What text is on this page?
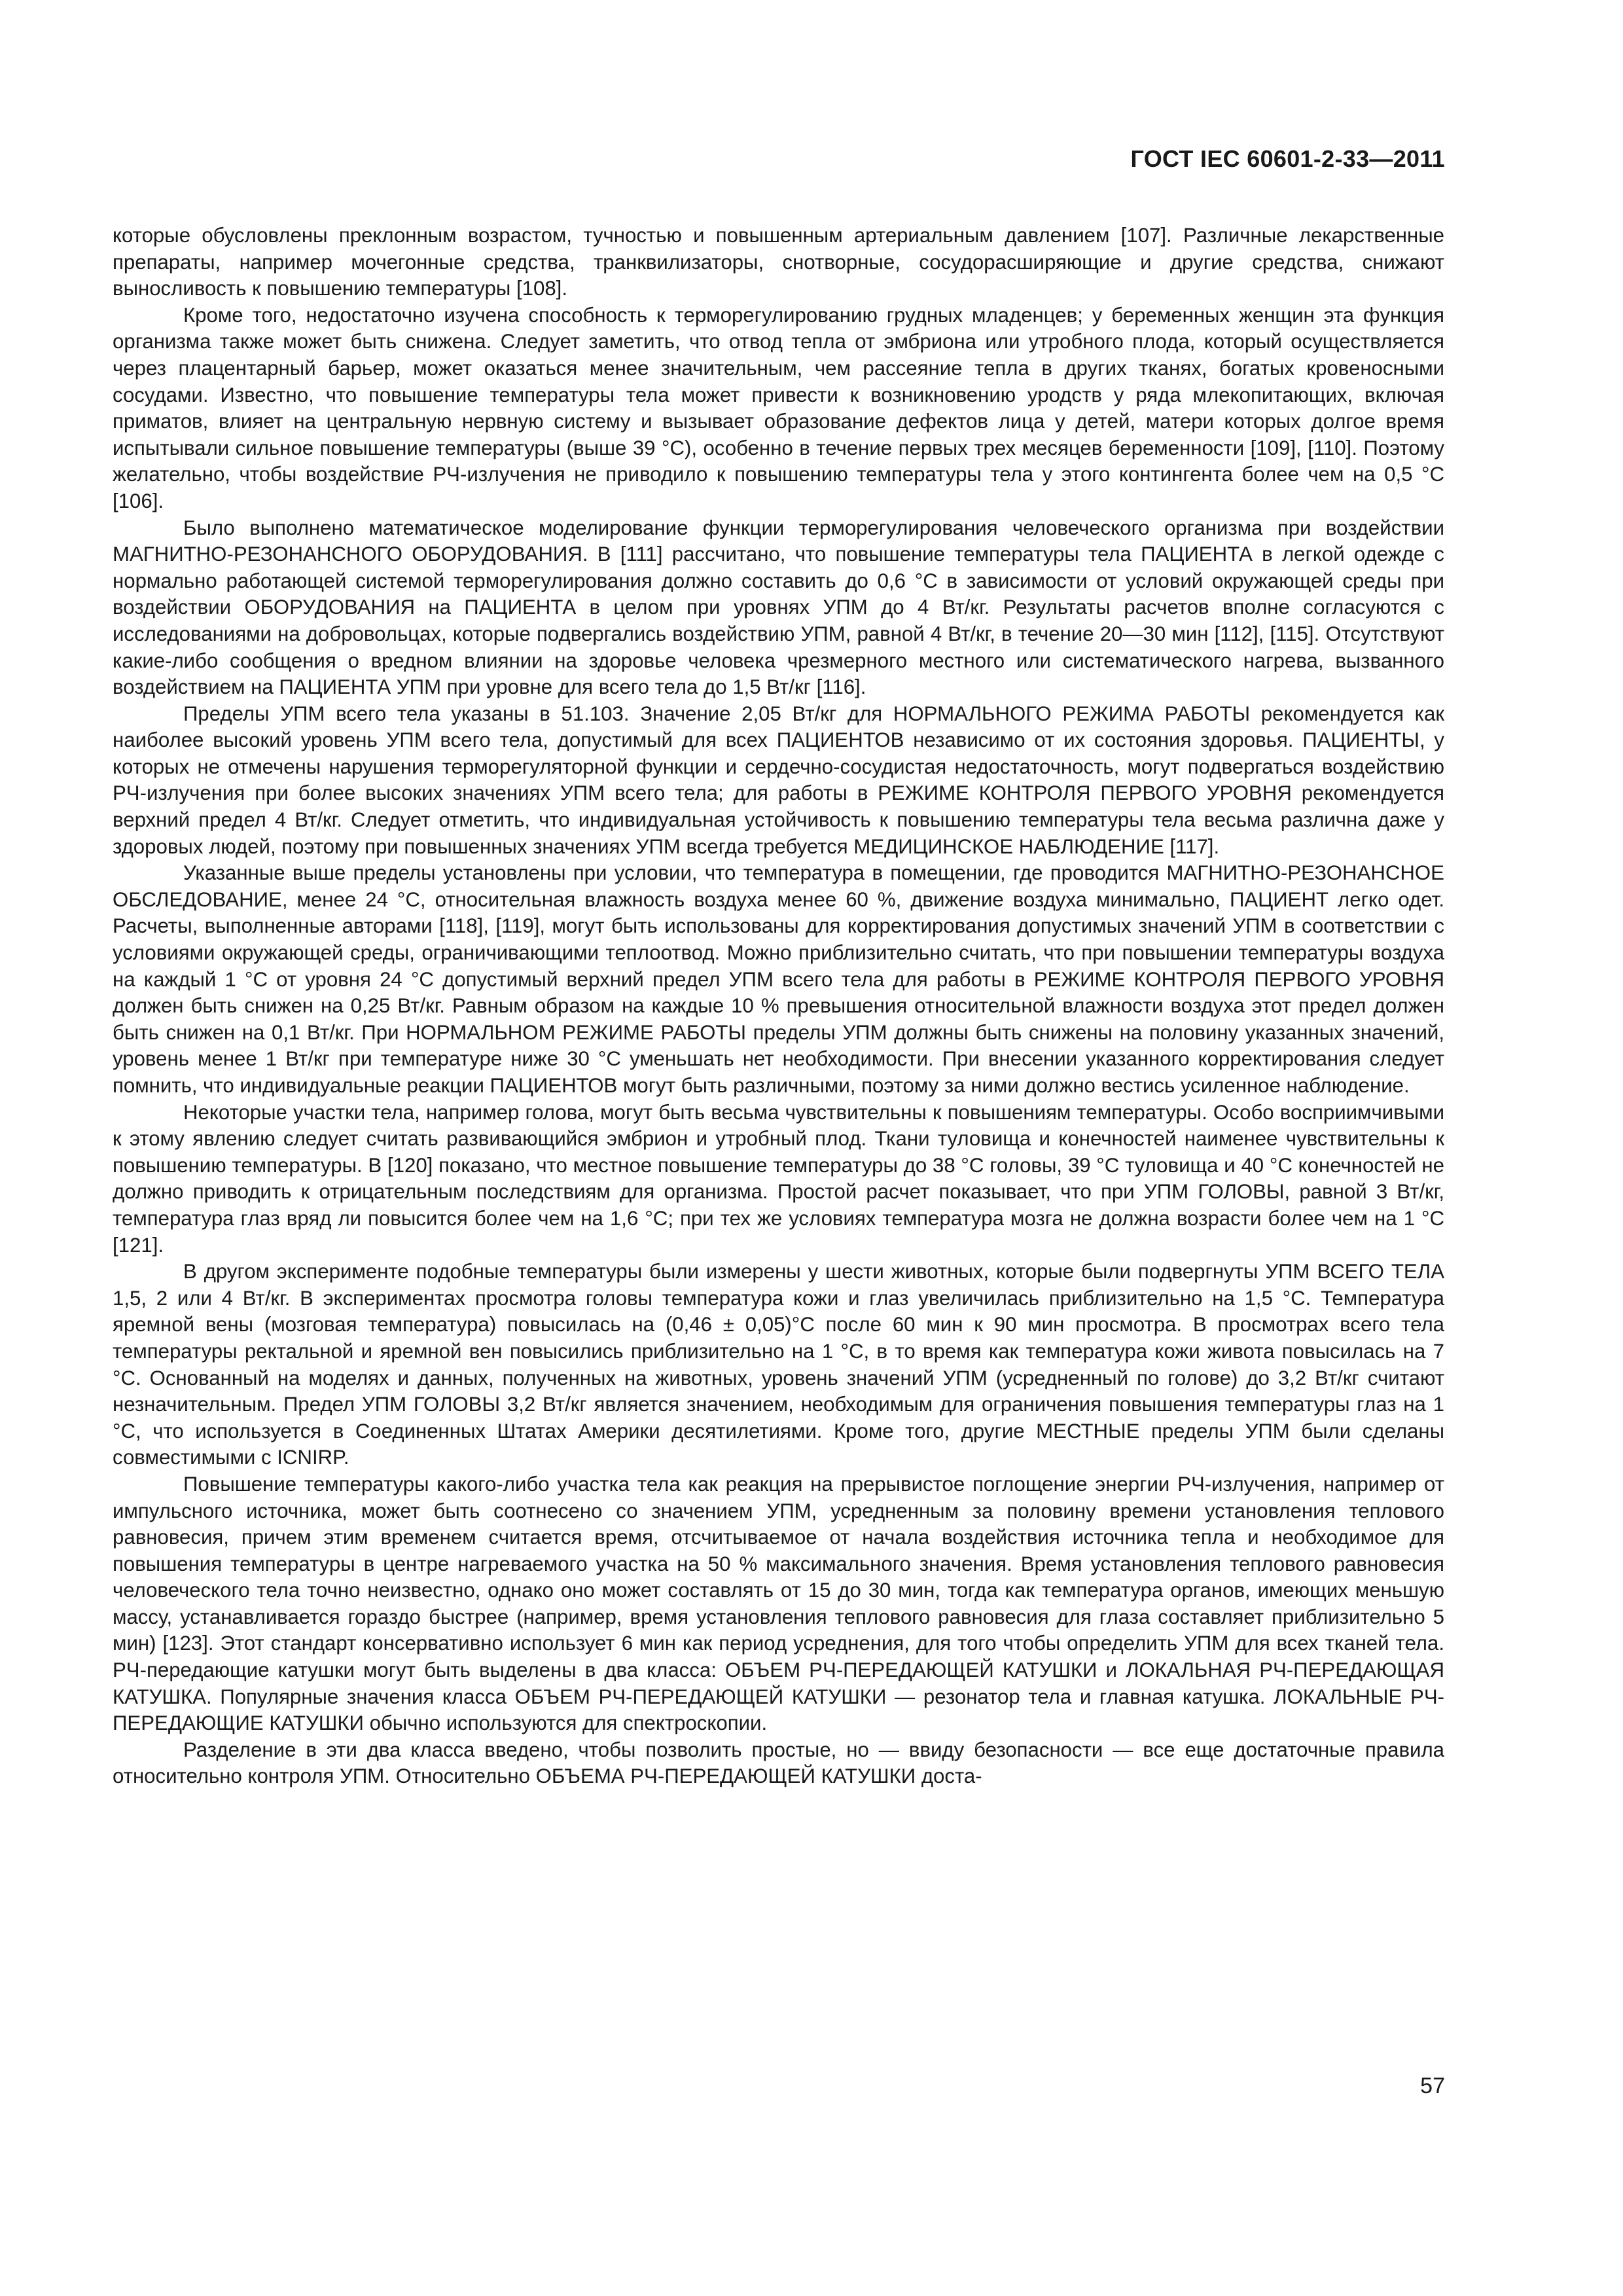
ГОСТ IEC 60601-2-33—2011

которые обусловлены преклонным возрастом, тучностью и повышенным артериальным давлением [107]. Различные лекарственные препараты, например мочегонные средства, транквилизаторы, снотворные, сосудорасширяющие и другие средства, снижают выносливость к повышению температуры [108].

Кроме того, недостаточно изучена способность к терморегулированию грудных младенцев; у беременных женщин эта функция организма также может быть снижена. Следует заметить, что отвод тепла от эмбриона или утробного плода, который осуществляется через плацентарный барьер, может оказаться менее значительным, чем рассеяние тепла в других тканях, богатых кровеносными сосудами. Известно, что повышение температуры тела может привести к возникновению уродств у ряда млекопитающих, включая приматов, влияет на центральную нервную систему и вызывает образование дефектов лица у детей, матери которых долгое время испытывали сильное повышение температуры (выше 39 °С), особенно в течение первых трех месяцев беременности [109], [110]. Поэтому желательно, чтобы воздействие РЧ-излучения не приводило к повышению температуры тела у этого контингента более чем на 0,5 °С [106].

Было выполнено математическое моделирование функции терморегулирования человеческого организма при воздействии МАГНИТНО-РЕЗОНАНСНОГО ОБОРУДОВАНИЯ. В [111] рассчитано, что повышение температуры тела ПАЦИЕНТА в легкой одежде с нормально работающей системой терморегулирования должно составить до 0,6 °С в зависимости от условий окружающей среды при воздействии ОБОРУДОВАНИЯ на ПАЦИЕНТА в целом при уровнях УПМ до 4 Вт/кг. Результаты расчетов вполне согласуются с исследованиями на добровольцах, которые подвергались воздействию УПМ, равной 4 Вт/кг, в течение 20—30 мин [112], [115]. Отсутствуют какие-либо сообщения о вредном влиянии на здоровье человека чрезмерного местного или систематического нагрева, вызванного воздействием на ПАЦИЕНТА УПМ при уровне для всего тела до 1,5 Вт/кг [116].

Пределы УПМ всего тела указаны в 51.103. Значение 2,05 Вт/кг для НОРМАЛЬНОГО РЕЖИМА РАБОТЫ рекомендуется как наиболее высокий уровень УПМ всего тела, допустимый для всех ПАЦИЕНТОВ независимо от их состояния здоровья. ПАЦИЕНТЫ, у которых не отмечены нарушения терморегуляторной функции и сердечно-сосудистая недостаточность, могут подвергаться воздействию РЧ-излучения при более высоких значениях УПМ всего тела; для работы в РЕЖИМЕ КОНТРОЛЯ ПЕРВОГО УРОВНЯ рекомендуется верхний предел 4 Вт/кг. Следует отметить, что индивидуальная устойчивость к повышению температуры тела весьма различна даже у здоровых людей, поэтому при повышенных значениях УПМ всегда требуется МЕДИЦИНСКОЕ НАБЛЮДЕНИЕ [117].

Указанные выше пределы установлены при условии, что температура в помещении, где проводится МАГНИТНО-РЕЗОНАНСНОЕ ОБСЛЕДОВАНИЕ, менее 24 °С, относительная влажность воздуха менее 60 %, движение воздуха минимально, ПАЦИЕНТ легко одет. Расчеты, выполненные авторами [118], [119], могут быть использованы для корректирования допустимых значений УПМ в соответствии с условиями окружающей среды, ограничивающими теплоотвод. Можно приблизительно считать, что при повышении температуры воздуха на каждый 1 °С от уровня 24 °С допустимый верхний предел УПМ всего тела для работы в РЕЖИМЕ КОНТРОЛЯ ПЕРВОГО УРОВНЯ должен быть снижен на 0,25 Вт/кг. Равным образом на каждые 10 % превышения относительной влажности воздуха этот предел должен быть снижен на 0,1 Вт/кг. При НОРМАЛЬНОМ РЕЖИМЕ РАБОТЫ пределы УПМ должны быть снижены на половину указанных значений, уровень менее 1 Вт/кг при температуре ниже 30 °С уменьшать нет необходимости. При внесении указанного корректирования следует помнить, что индивидуальные реакции ПАЦИЕНТОВ могут быть различными, поэтому за ними должно вестись усиленное наблюдение.

Некоторые участки тела, например голова, могут быть весьма чувствительны к повышениям температуры. Особо восприимчивыми к этому явлению следует считать развивающийся эмбрион и утробный плод. Ткани туловища и конечностей наименее чувствительны к повышению температуры. В [120] показано, что местное повышение температуры до 38 °С головы, 39 °С туловища и 40 °С конечностей не должно приводить к отрицательным последствиям для организма. Простой расчет показывает, что при УПМ ГОЛОВЫ, равной 3 Вт/кг, температура глаз вряд ли повысится более чем на 1,6 °С; при тех же условиях температура мозга не должна возрасти более чем на 1 °С [121].

В другом эксперименте подобные температуры были измерены у шести животных, которые были подвергнуты УПМ ВСЕГО ТЕЛА 1,5, 2 или 4 Вт/кг. В экспериментах просмотра головы температура кожи и глаз увеличилась приблизительно на 1,5 °С. Температура яремной вены (мозговая температура) повысилась на (0,46 ± 0,05)°С после 60 мин к 90 мин просмотра. В просмотрах всего тела температуры ректальной и яремной вен повысились приблизительно на 1 °С, в то время как температура кожи живота повысилась на 7 °С. Основанный на моделях и данных, полученных на животных, уровень значений УПМ (усредненный по голове) до 3,2 Вт/кг считают незначительным. Предел УПМ ГОЛОВЫ 3,2 Вт/кг является значением, необходимым для ограничения повышения температуры глаз на 1 °С, что используется в Соединенных Штатах Америки десятилетиями. Кроме того, другие МЕСТНЫЕ пределы УПМ были сделаны совместимыми с ICNIRP.

Повышение температуры какого-либо участка тела как реакция на прерывистое поглощение энергии РЧ-излучения, например от импульсного источника, может быть соотнесено со значением УПМ, усредненным за половину времени установления теплового равновесия, причем этим временем считается время, отсчитываемое от начала воздействия источника тепла и необходимое для повышения температуры в центре нагреваемого участка на 50 % максимального значения. Время установления теплового равновесия человеческого тела точно неизвестно, однако оно может составлять от 15 до 30 мин, тогда как температура органов, имеющих меньшую массу, устанавливается гораздо быстрее (например, время установления теплового равновесия для глаза составляет приблизительно 5 мин) [123]. Этот стандарт консервативно использует 6 мин как период усреднения, для того чтобы определить УПМ для всех тканей тела. РЧ-передающие катушки могут быть выделены в два класса: ОБЪЕМ РЧ-ПЕРЕДАЮЩЕЙ КАТУШКИ и ЛОКАЛЬНАЯ РЧ-ПЕРЕДАЮЩАЯ КАТУШКА. Популярные значения класса ОБЪЕМ РЧ-ПЕРЕДАЮЩЕЙ КАТУШКИ — резонатор тела и главная катушка. ЛОКАЛЬНЫЕ РЧ-ПЕРЕДАЮЩИЕ КАТУШКИ обычно используются для спектроскопии.

Разделение в эти два класса введено, чтобы позволить простые, но — ввиду безопасности — все еще достаточные правила относительно контроля УПМ. Относительно ОБЪЕМА РЧ-ПЕРЕДАЮЩЕЙ КАТУШКИ доста-

57
